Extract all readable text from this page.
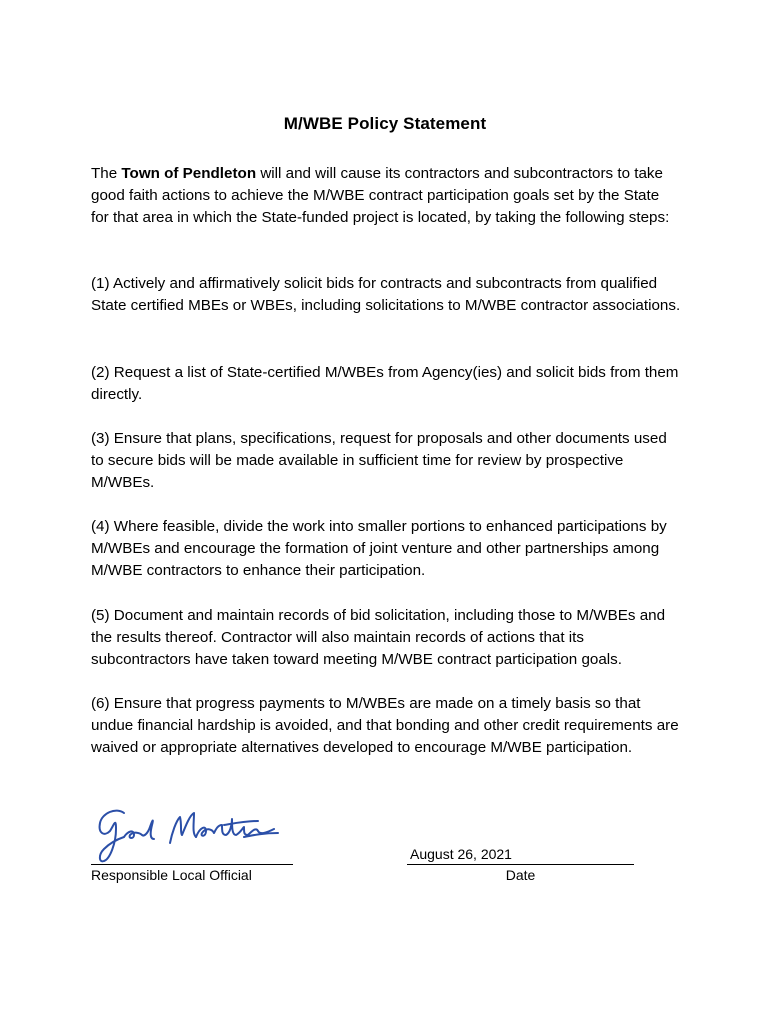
M/WBE Policy Statement
The Town of Pendleton will and will cause its contractors and subcontractors to take good faith actions to achieve the M/WBE contract participation goals set by the State for that area in which the State-funded project is located, by taking the following steps:
(1) Actively and affirmatively solicit bids for contracts and subcontracts from qualified State certified MBEs or WBEs, including solicitations to M/WBE contractor associations.
(2) Request a list of State-certified M/WBEs from Agency(ies) and solicit bids from them directly.
(3) Ensure that plans, specifications, request for proposals and other documents used to secure bids will be made available in sufficient time for review by prospective M/WBEs.
(4) Where feasible, divide the work into smaller portions to enhanced participations by M/WBEs and encourage the formation of joint venture and other partnerships among M/WBE contractors to enhance their participation.
(5) Document and maintain records of bid solicitation, including those to M/WBEs and the results thereof. Contractor will also maintain records of actions that its subcontractors have taken toward meeting M/WBE contract participation goals.
(6) Ensure that progress payments to M/WBEs are made on a timely basis so that undue financial hardship is avoided, and that bonding and other credit requirements are waived or appropriate alternatives developed to encourage M/WBE participation.
Responsible Local Official
August 26, 2021
Date
